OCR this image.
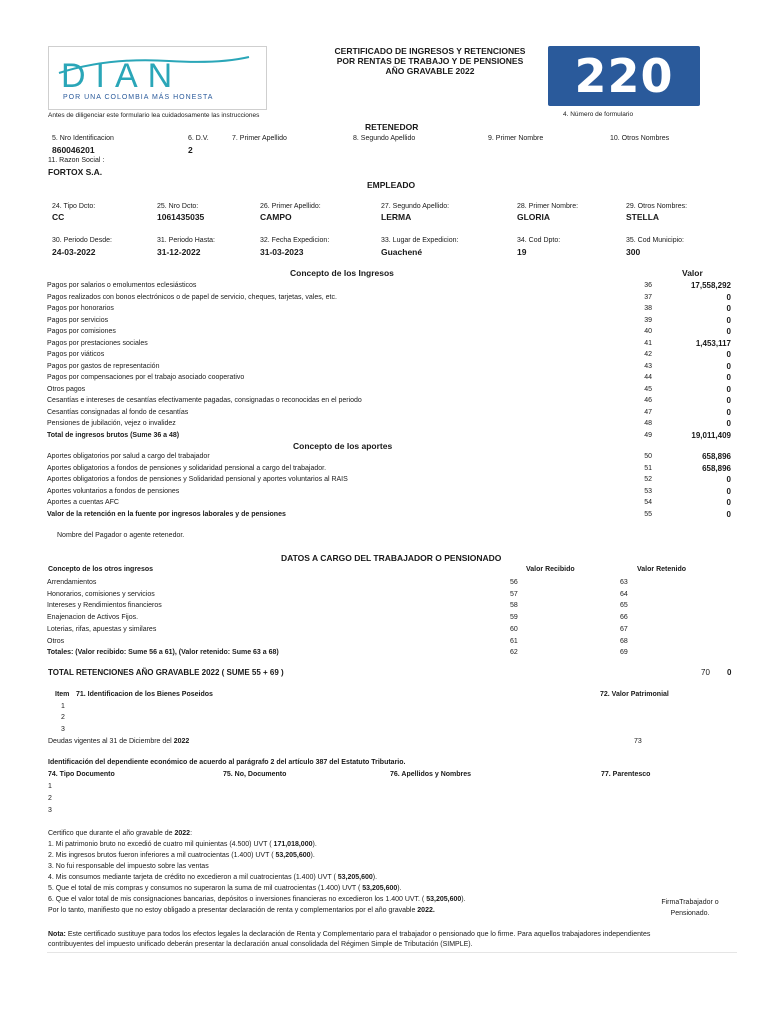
DIAN
POR UNA COLOMBIA MÁS HONESTA
CERTIFICADO DE INGRESOS Y RETENCIONES
POR RENTAS DE TRABAJO Y DE PENSIONES
AÑO GRAVABLE 2022	220
4. Número de formulario
Antes de diligenciar este formulario lea cuidadosamente las instrucciones
RETENEDOR
5. Nro Identificacion
860046201
6. D.V.
2
7. Primer Apellido	8. Segundo Apellido	9. Primer Nombre	10. Otros Nombres
11. Razon Social :
FORTOX S.A.
EMPLEADO
24. Tipo Dcto:
CC
25. Nro Dcto:
1061435035
26. Primer Apellido:
CAMPO
27. Segundo Apellido:
LERMA
28. Primer Nombre:
GLORIA
29. Otros Nombres:
STELLA
30. Periodo Desde:
24-03-2022
31. Periodo Hasta:
31-12-2022
32. Fecha Expedicion:
31-03-2023
33. Lugar de Expedicion:
Guachené
34. Cod Dpto:
19
35. Cod Municipio:
300
Concepto de los Ingresos	Valor
Pagos por salarios o emolumentos eclesiásticos	36	17,558,292
Pagos realizados con bonos electrónicos o de papel de servicio, cheques, tarjetas, vales, etc.	37	0
Pagos por honorarios	38	0
Pagos por servicios	39	0
Pagos por comisiones	40	0
Pagos por prestaciones sociales	41	1,453,117
Pagos por viáticos	42	0
Pagos por gastos de representación	43	0
Pagos por compensaciones por el trabajo asociado cooperativo	44	0
Otros pagos	45	0
Cesantías e intereses de cesantías efectivamente pagadas, consignadas o reconocidas en el periodo	46	0
Cesantías consignadas al fondo de cesantías	47	0
Pensiones de jubilación, vejez o invalidez	48	0
Total de ingresos brutos (Sume 36 a 48)	49	19,011,409
Concepto de los aportes
Aportes obligatorios por salud a cargo del trabajador	50	658,896
Aportes obligatorios a fondos de pensiones y solidaridad pensional a cargo del trabajador.	51	658,896
Aportes obligatorios a fondos de pensiones y Solidaridad pensional y aportes voluntarios al RAIS	52	0
Aportes voluntarios a fondos de pensiones	53	0
Aportes a cuentas AFC	54	0
Valor de la retención en la fuente por ingresos laborales y de pensiones	55	0
Nombre del Pagador o agente retenedor.
DATOS A CARGO DEL TRABAJADOR O PENSIONADO
Concepto de los otros ingresos	Valor Recibido	Valor Retenido
Arrendamientos	56	63
Honorarios, comisiones y servicios	57	64
Intereses y Rendimientos financieros	58	65
Enajenacion de Activos Fijos.	59	66
Loterias, rifas, apuestas y similares	60	67
Otros	61	68
Totales: (Valor recibido: Sume 56 a 61), (Valor retenido: Sume 63 a 68)	62	69
TOTAL RETENCIONES AÑO GRAVABLE 2022 ( SUME 55 + 69 )	70 0
Item 71. Identificacion de los Bienes Poseidos	72. Valor Patrimonial
1
2
3
Deudas vigentes al 31 de Diciembre del 2022	73
Identificación del dependiente económico de acuerdo al parágrafo 2 del artículo 387 del Estatuto Tributario.
74. Tipo Documento	75. No, Documento	76. Apellidos y Nombres	77. Parentesco
1
2
3
Certifico que durante el año gravable de 2022:
1. Mi patrimonio bruto no excedió de cuatro mil quinientas (4.500) UVT ( 171,018,000).
2. Mis ingresos brutos fueron inferiores a mil cuatrocientas (1.400) UVT ( 53,205,600).
3. No fui responsable del impuesto sobre las ventas
4. Mis consumos mediante tarjeta de crédito no excedieron a mil cuatrocientas (1.400) UVT ( 53,205,600).
5. Que el total de mis compras y consumos no superaron la suma de mil cuatrocientas (1.400) UVT ( 53,205,600).
6. Que el valor total de mis consignaciones bancarias, depósitos o inversiones financieras no excedieron los 1.400 UVT. ( 53,205,600).
Por lo tanto, manifiesto que no estoy obligado a presentar declaración de renta y complementarios por el año gravable 2022.
FirmaTrabajador o
Pensionado.
Nota: Este certificado sustituye para todos los efectos legales la declaración de Renta y Complementario para el trabajador o pensionado que lo firme. Para aquellos trabajadores independientes
contribuyentes del impuesto unificado deberán presentar la declaración anual consolidada del Régimen Simple de Tributación (SIMPLE).
